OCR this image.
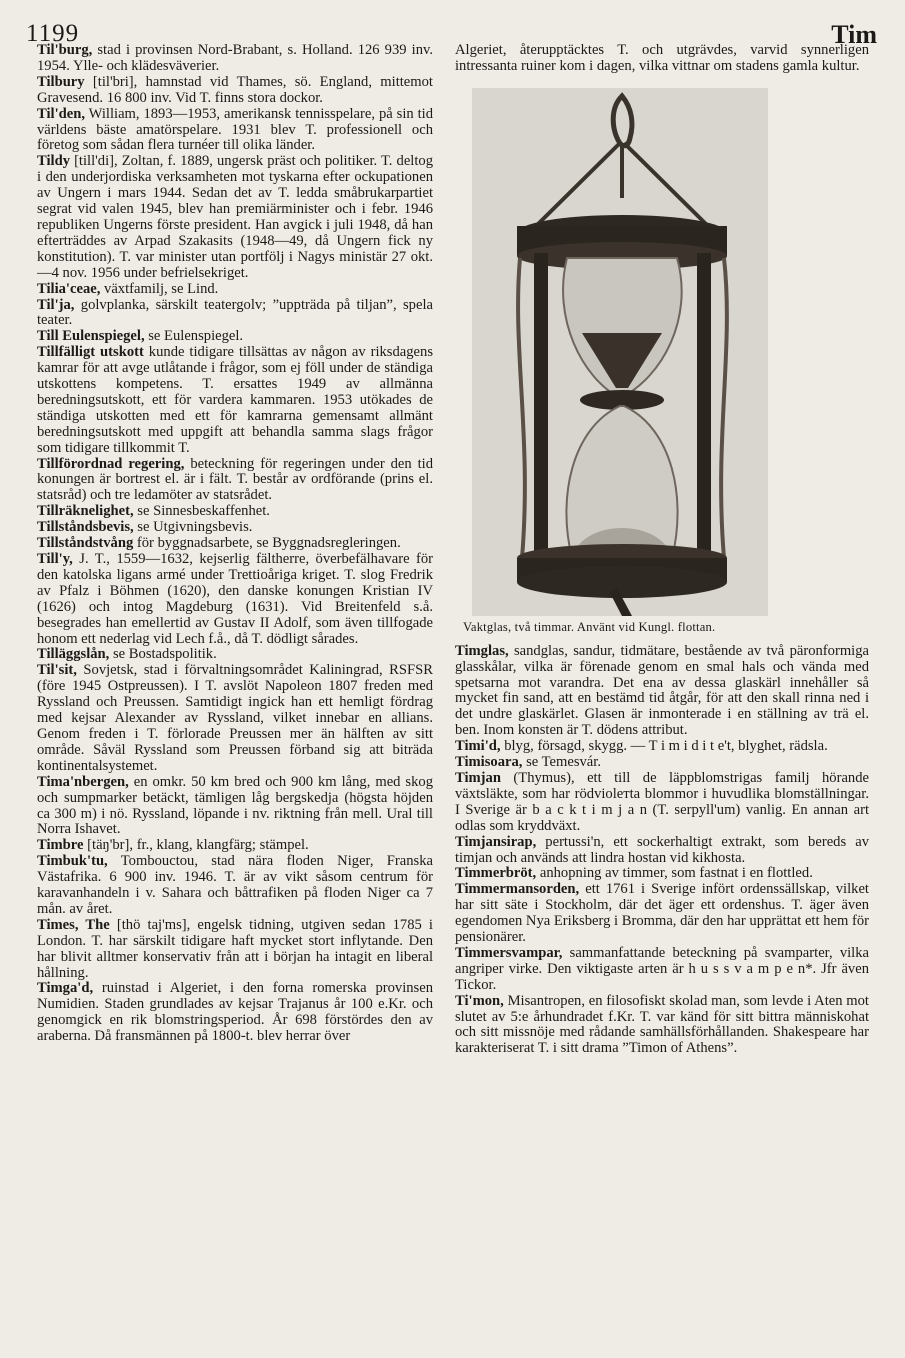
1199	Tim

Til'burg, stad i provinsen Nord-Brabant, s. Holland. 126 939 inv. 1954. Ylle- och klädesväverier.

Tilbury [til'bri], hamnstad vid Thames, sö. England, mittemot Gravesend. 16 800 inv. Vid T. finns stora dockor.

Til'den, William, 1893—1953, amerikansk tennisspelare, på sin tid världens bäste amatörspelare. 1931 blev T. professionell och företog som sådan flera turnéer till olika länder.

Tildy [till'di], Zoltan, f. 1889, ungersk präst och politiker. T. deltog i den underjordiska verksamheten mot tyskarna efter ockupationen av Ungern i mars 1944. Sedan det av T. ledda småbrukarpartiet segrat vid valen 1945, blev han premiärminister och i febr. 1946 republiken Ungerns förste president. Han avgick i juli 1948, då han efterträddes av Arpad Szakasits (1948—49, då Ungern fick ny konstitution). T. var minister utan portfölj i Nagys ministär 27 okt.—4 nov. 1956 under befrielsekriget.

Tilia'ceae, växtfamilj, se Lind.

Til'ja, golvplanka, särskilt teatergolv; ”uppträda på tiljan”, spela teater.

Till Eulenspiegel, se Eulenspiegel.

Tillfälligt utskott kunde tidigare tillsättas av någon av riksdagens kamrar för att avge utlåtande i frågor, som ej föll under de ständiga utskottens kompetens. T. ersattes 1949 av allmänna beredningsutskott, ett för vardera kammaren. 1953 utökades de ständiga utskotten med ett för kamrarna gemensamt allmänt beredningsutskott med uppgift att behandla samma slags frågor som tidigare tillkommit T.

Tillförordnad regering, beteckning för regeringen under den tid konungen är bortrest el. är i fält. T. består av ordförande (prins el. statsråd) och tre ledamöter av statsrådet.

Tillräknelighet, se Sinnesbeskaffenhet.

Tillståndsbevis, se Utgivningsbevis.

Tillståndstvång för byggnadsarbete, se Byggnadsregleringen.

Till'y, J. T., 1559—1632, kejserlig fältherre, överbefälhavare för den katolska ligans armé under Trettioåriga kriget. T. slog Fredrik av Pfalz i Böhmen (1620), den danske konungen Kristian IV (1626) och intog Magdeburg (1631). Vid Breitenfeld s.å. besegrades han emellertid av Gustav II Adolf, som även tillfogade honom ett nederlag vid Lech f.å., då T. dödligt sårades.

Tilläggslån, se Bostadspolitik.

Til'sit, Sovjetsk, stad i förvaltningsområdet Kaliningrad, RSFSR (före 1945 Ostpreussen). I T. avslöt Napoleon 1807 freden med Ryssland och Preussen. Samtidigt ingick han ett hemligt fördrag med kejsar Alexander av Ryssland, vilket innebar en allians. Genom freden i T. förlorade Preussen mer än hälften av sitt område. Såväl Ryssland som Preussen förband sig att biträda kontinentalsystemet.

Tima'nbergen, en omkr. 50 km bred och 900 km lång, med skog och sumpmarker betäckt, tämligen låg bergskedja (högsta höjden ca 300 m) i nö. Ryssland, löpande i nv. riktning från mell. Ural till Norra Ishavet.

Timbre [täŋ'br], fr., klang, klangfärg; stämpel.

Timbuk'tu, Tombouctou, stad nära floden Niger, Franska Västafrika. 6 900 inv. 1946. T. är av vikt såsom centrum för karavanhandeln i v. Sahara och båttrafiken på floden Niger ca 7 mån. av året.

Times, The [thö taj'ms], engelsk tidning, utgiven sedan 1785 i London. T. har särskilt tidigare haft mycket stort inflytande. Den har blivit alltmer konservativ från att i början ha intagit en liberal hållning.

Timga'd, ruinstad i Algeriet, i den forna romerska provinsen Numidien. Staden grundlades av kejsar Trajanus år 100 e.Kr. och genomgick en rik blomstringsperiod. År 698 förstördes den av araberna. Då fransmännen på 1800-t. blev herrar över

Algeriet, återupptäcktes T. och utgrävdes, varvid synnerligen intressanta ruiner kom i dagen, vilka vittnar om stadens gamla kultur.

Vaktglas, två timmar. Använt vid Kungl. flottan.

Timglas, sandglas, sandur, tidmätare, bestående av två päronformiga glasskålar, vilka är förenade genom en smal hals och vända med spetsarna mot varandra. Det ena av dessa glaskärl innehåller så mycket fin sand, att en bestämd tid åtgår, för att den skall rinna ned i det undre glaskärlet. Glasen är inmonterade i en ställning av trä el. ben. Inom konsten är T. dödens attribut.

Timi'd, blyg, försagd, skygg. — T i m i d i t e't, blyghet, rädsla.

Timisoara, se Temesvár.

Timjan (Thymus), ett till de läppblomstrigas familj hörande växtsläkte, som har rödviolетta blommor i huvudlika blomställningar. I Sverige är b a c k t i m j a n (T. serpyll'um) vanlig. En annan art odlas som kryddväxt.

Timjansirap, pertussi'n, ett sockerhaltigt extrakt, som bereds av timjan och används att lindra hostan vid kikhosta.

Timmerbröt, anhopning av timmer, som fastnat i en flottled.

Timmermansorden, ett 1761 i Sverige infört ordenssällskap, vilket har sitt säte i Stockholm, där det äger ett ordenshus. T. äger även egendomen Nya Eriksberg i Bromma, där den har upprättat ett hem för pensionärer.

Timmersvampar, sammanfattande beteckning på svamparter, vilka angriper virke. Den viktigaste arten är h u s s v a m p e n*. Jfr även Tickor.

Ti'mon, Misantropen, en filosofiskt skolad man, som levde i Aten mot slutet av 5:e århundradet f.Kr. T. var känd för sitt bittra människohat och sitt missnöje med rådande samhällsförhållanden. Shakespeare har karakteriserat T. i sitt drama ”Timon of Athens”.
